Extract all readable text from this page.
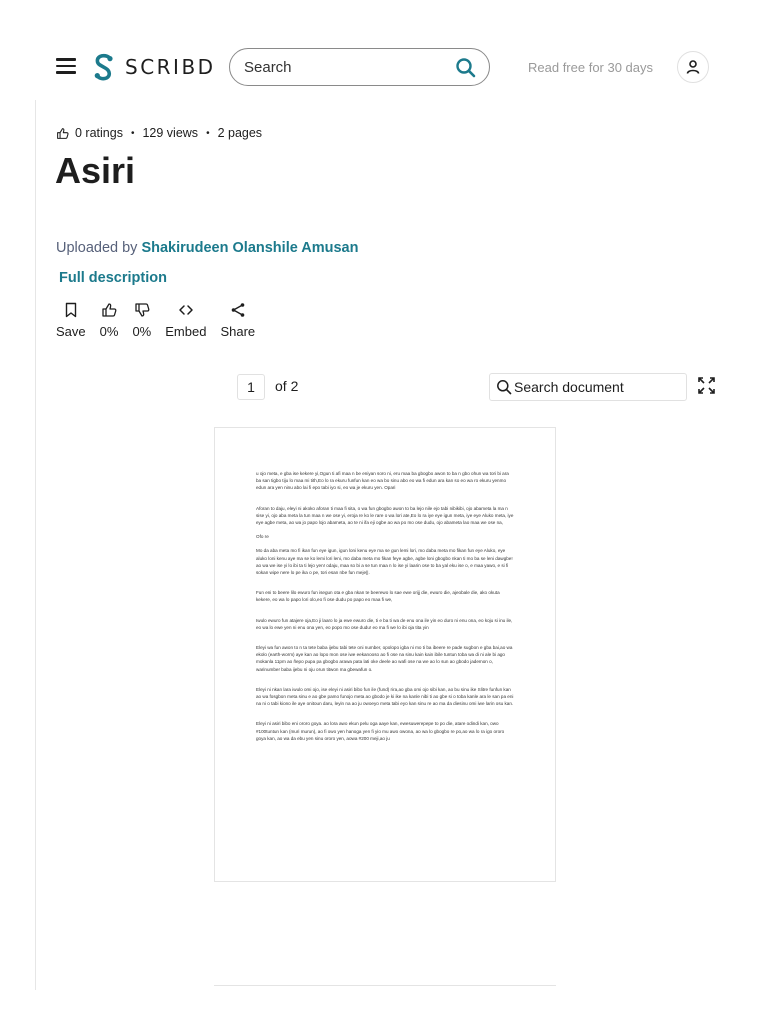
SCRIBD
Search	Read free for 30 days
0 ratings • 129 views • 2 pages
Asiri
Uploaded by Shakirudeen Olanshile Amusan
Full description
Save 0% 0% Embed Share
1	of 2
Search document

u ojo meta, e gba ise kekere yi,Ogun ti afi maa n be eniyan soro ni, eru maa ba gbogbo awon to ba n gbo ohun wa tori bi ara ba san tigbo tiju lo maa mi tith,Eo lo ra ekuru funfun kan eo wa bo sinu abo eo wa fi edun ara kan so eo wa ro ekuru yenmo edun ara yen ninu abo lai fi epo tabi iyo si, eo wa je ekuru yen. Opari

Aforan to daju, eleyi ni akoko aforan ti maa fi sita, o wa fun gbogbo awon to ba lejo nile ejo tabi nibikibi, ojo abameta la ma n sise yi, ojo aba meta la tun maa n we ose yi, eroja re ko le rare o wa lori ate,Eo lo ra iye eye igun meta, iye eye Aluko meta, iye eye agbe meta, ao wa jo papo lojo abameta, ao te ni ifa eji ogbe ao wa po mo ose dudu, ojo abameta lao maa we ose na,

Ofo re

Mo da aba meta mo fi ikan fun eye igun, igun loni kenu eye ma se gun lemi lori, mo daba meta mo fikan fun eye Aluko, eye aluko loni kenu aye ma se ko lemi lori leni, mo daba meta mo fikan feye agbe, agbe loni gbogbo nkan ti mo ba se leni dawgbe! ao wa we ise yi lo ibi ta ti lejo yen! odaju, maa so bi a se tun maa n lo ise yi laarin ose to ba yal eku ise o, e maa yawo, e si fi sokan wipe nere lo pe ika o pe, tori esan nbe fun meje||.

Fun eni to beere lilo ewuro fun isegun ota e gba nkan te beerewo lo sae ewe orijj die, ewuro die, ajeobale die, ako okuta kekere, eo wa lo papo lori olo,eo fi ose dudu po papo eo maa fi we,

Iwulo ewuro fun atajere oja,Eo ji laaro lo ja ewe ewuro die, ti e ba ti wa de enu ona ile yin eo duro ni enu ona, eo koju si inu ile, eo wa lo ewe yen ni enu ona yen, eo popo mo ose dudu! eo ma fi we lo ibi oja tita yin

Eleyi wa fun awon to n ta tete baba ijebu tabi tete oni number, opolopo igba ni mo ti ba ibeere re pade sugbon e gba bai,ao wa ekolo (earth-worm) aye kan ao lopo mon ose iwe eekanooso ao fi ose na sinu kain kain ibile tuntun toba wa di ni ale bi ago mokanla 11pm ao ñepo pupa pa gbogbo arawa pata lati oke deele ao wafi ose na we ao lo sun ao gbodo jademon o, warinumber baba ijebu ni oju orun titwon ma gbewafun o.

Eleyi ni nkan lara iwulo omi ojo, ise eleyi ni asiri bibo fun ile (fund) rira,ao gba omi ojo sibi kan, ao bu sinu ike Slitre funfun kan ao wa fosgbon meta sinu e ao gbe pamo funojo meta ao gbodo je ki ike na kanle nibi ti ao gbe si o toba kanle ara le san pa eni na ni o tabi kiono ile aye onitoun daru, leyin na ao ju owoeyo meta tabi eyo kan sinu re ao ma da diesinu omi iwe larin osu kan.

Eleyi ni asiri bibo eni ororo goya. ao lora awo ekun pelu oga aaye kan, ewesuwerepepe to po die, atare odindi kan, owo #100tuntun kan (muri murun), ao fi owo yen hanoga yen fi yio mu awo owona, ao wa lo gbogbo re po,ao wa lo ra igo ororo goya kan, ao wa da ebu yen sinu ororo yen, aowa #200 meji,ao ju
